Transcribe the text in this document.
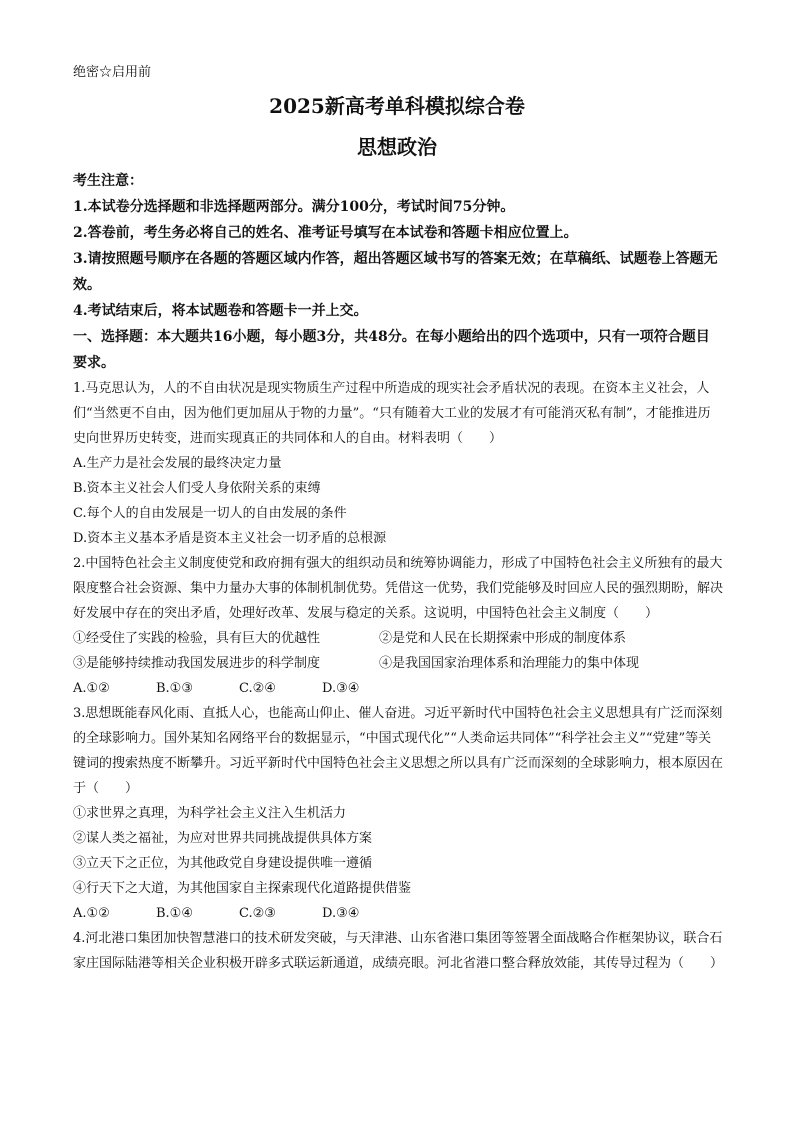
绝密☆启用前
2025新高考单科模拟综合卷
思想政治

考生注意：

1.本试卷分选择题和非选择题两部分。满分100分，考试时间75分钟。

2.答卷前，考生务必将自己的姓名、准考证号填写在本试卷和答题卡相应位置上。

3.请按照题号顺序在各题的答题区域内作答，超出答题区域书写的答案无效；在草稿纸、试题卷上答题无效。

4.考试结束后，将本试题卷和答题卡一并上交。

一、选择题：本大题共16小题，每小题3分，共48分。在每小题给出的四个选项中，只有一项符合题目要求。

1.马克思认为，人的不自由状况是现实物质生产过程中所造成的现实社会矛盾状况的表现。在资本主义社会，人们“当然更不自由，因为他们更加屈从于物的力量”。“只有随着大工业的发展才有可能消灭私有制”，才能推进历史向世界历史转变，进而实现真正的共同体和人的自由。材料表明（　　）

A.生产力是社会发展的最终决定力量

B.资本主义社会人们受人身依附关系的束缚

C.每个人的自由发展是一切人的自由发展的条件

D.资本主义基本矛盾是资本主义社会一切矛盾的总根源

2.中国特色社会主义制度使党和政府拥有强大的组织动员和统筹协调能力，形成了中国特色社会主义所独有的最大限度整合社会资源、集中力量办大事的体制机制优势。凭借这一优势，我们党能够及时回应人民的强烈期盼，解决好发展中存在的突出矛盾，处理好改革、发展与稳定的关系。这说明，中国特色社会主义制度（　　）

①经受住了实践的检验，具有巨大的优越性	②是党和人民在长期探索中形成的制度体系
③是能够持续推动我国发展进步的科学制度	④是我国国家治理体系和治理能力的集中体现
A.①②	B.①③	C.②④	D.③④

3.思想既能春风化雨、直抵人心，也能高山仰止、催人奋进。习近平新时代中国特色社会主义思想具有广泛而深刻的全球影响力。国外某知名网络平台的数据显示，“中国式现代化”“人类命运共同体”“科学社会主义”“党建”等关键词的搜索热度不断攀升。习近平新时代中国特色社会主义思想之所以具有广泛而深刻的全球影响力，根本原因在于（　　）

①求世界之真理，为科学社会主义注入生机活力

②谋人类之福祉，为应对世界共同挑战提供具体方案

③立天下之正位，为其他政党自身建设提供唯一遵循

④行天下之大道，为其他国家自主探索现代化道路提供借鉴

A.①②	B.①④	C.②③	D.③④

4.河北港口集团加快智慧港口的技术研发突破，与天津港、山东省港口集团等签署全面战略合作框架协议，联合石家庄国际陆港等相关企业积极开辟多式联运新通道，成绩亮眼。河北省港口整合释放效能，其传导过程为（　　）
